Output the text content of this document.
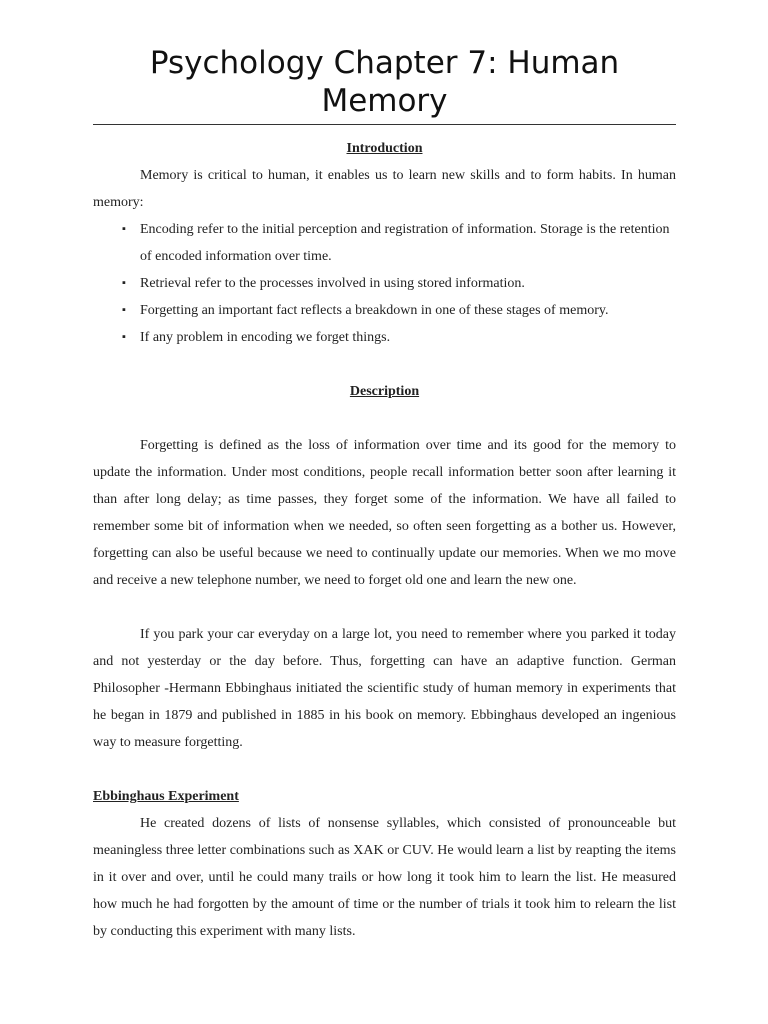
Psychology Chapter 7: Human Memory
Introduction

Memory is critical to human, it enables us to learn new skills and to form habits. In human memory:

▪ Encoding refer to the initial perception and registration of information. Storage is the retention of encoded information over time.
▪ Retrieval refer to the processes involved in using stored information.
▪ Forgetting an important fact reflects a breakdown in one of these stages of memory.
▪ If any problem in encoding we forget things.
Description

Forgetting is defined as the loss of information over time and its good for the memory to update the information. Under most conditions, people recall information better soon after learning it than after long delay; as time passes, they forget some of the information. We have all failed to remember some bit of information when we needed, so often seen forgetting as a bother us. However, forgetting can also be useful because we need to continually update our memories. When we mo move and receive a new telephone number, we need to forget old one and learn the new one.

If you park your car everyday on a large lot, you need to remember where you parked it today and not yesterday or the day before. Thus, forgetting can have an adaptive function. German Philosopher -Hermann Ebbinghaus initiated the scientific study of human memory in experiments that he began in 1879 and published in 1885 in his book on memory. Ebbinghaus developed an ingenious way to measure forgetting.

Ebbinghaus Experiment

He created dozens of lists of nonsense syllables, which consisted of pronounceable but meaningless three letter combinations such as XAK or CUV. He would learn a list by reapting the items in it over and over, until he could many trails or how long it took him to learn the list. He measured how much he had forgotten by the amount of time or the number of trials it took him to relearn the list by conducting this experiment with many lists.
